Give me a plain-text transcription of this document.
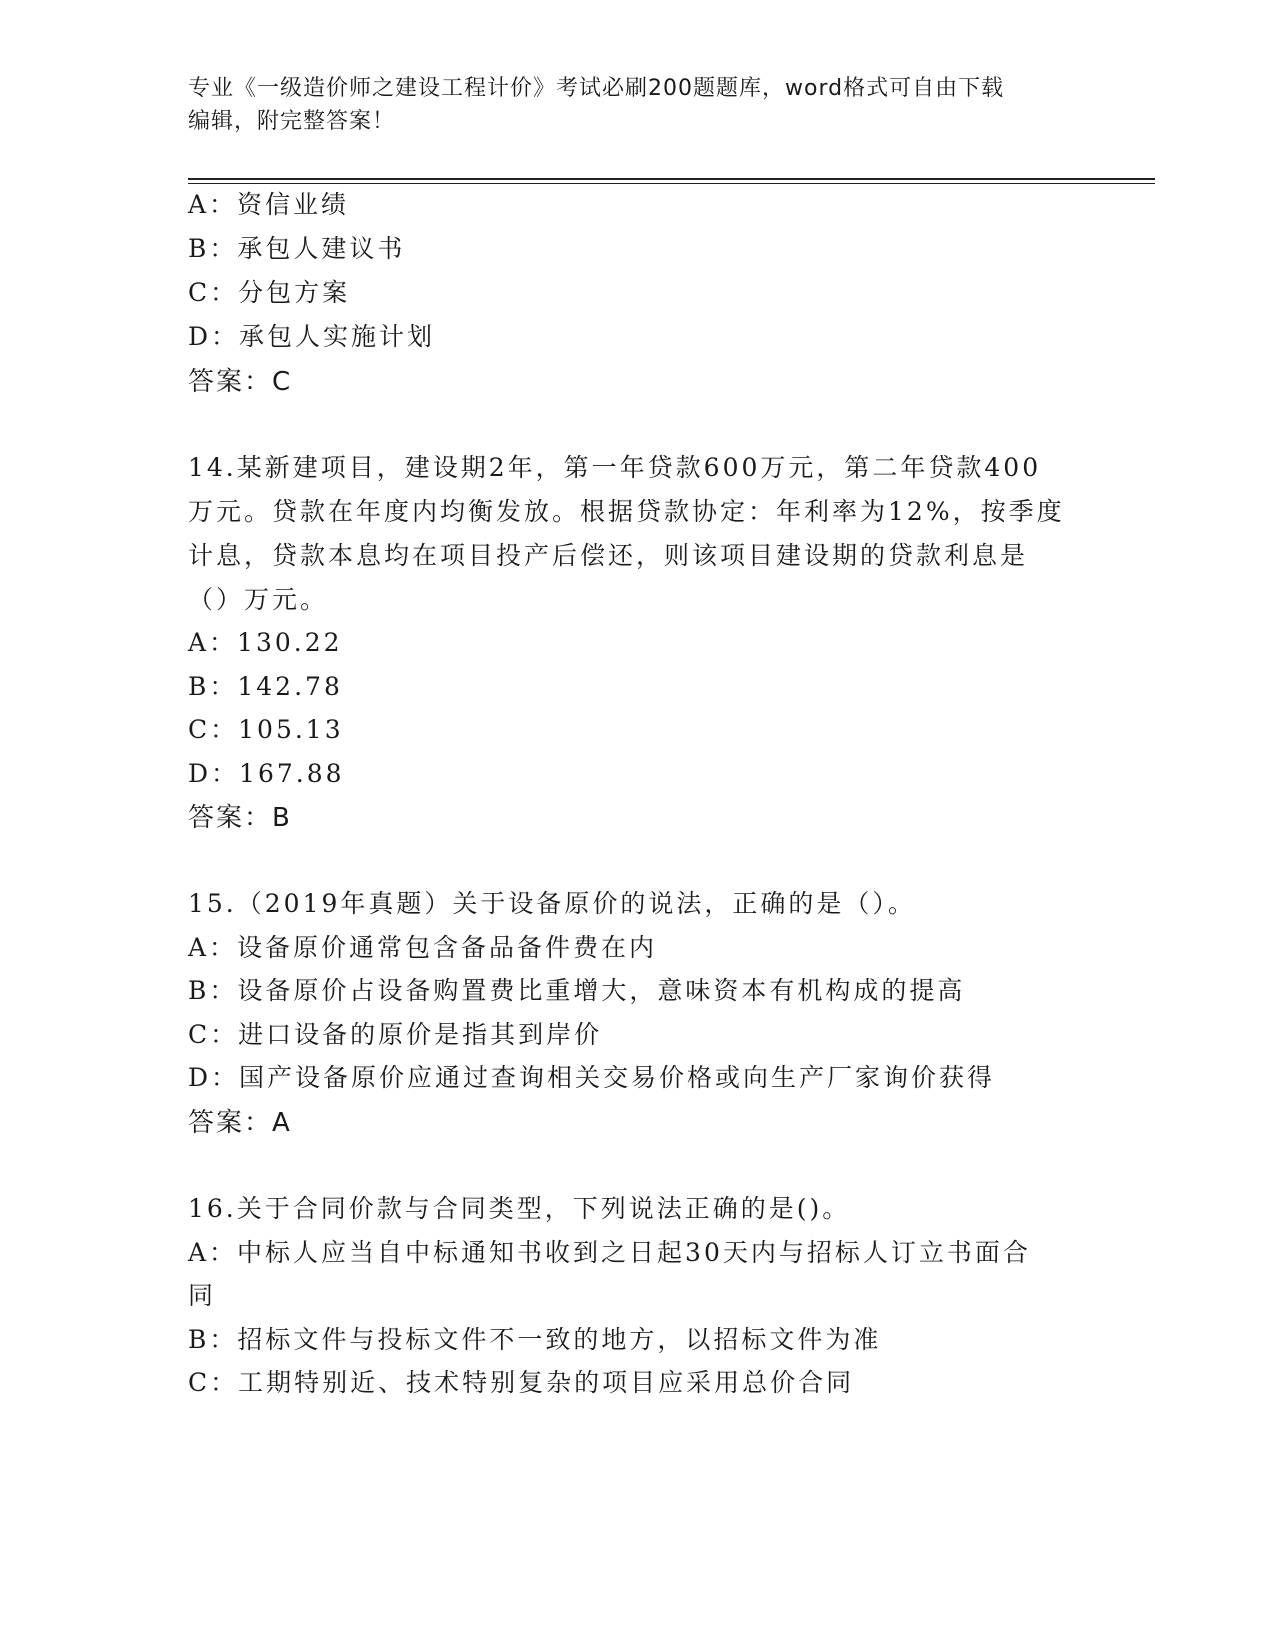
专业《一级造价师之建设工程计价》考试必刷200题题库，word格式可自由下载
编辑，附完整答案！
A：资信业绩
B：承包人建议书
C：分包方案
D：承包人实施计划
答案：C
14.某新建项目，建设期2年，第一年贷款600万元，第二年贷款400
万元。贷款在年度内均衡发放。根据贷款协定：年利率为12%，按季度
计息，贷款本息均在项目投产后偿还，则该项目建设期的贷款利息是
（）万元。
A：130.22
B：142.78
C：105.13
D：167.88
答案：B
15.（2019年真题）关于设备原价的说法，正确的是（）。
A：设备原价通常包含备品备件费在内
B：设备原价占设备购置费比重增大，意味资本有机构成的提高
C：进口设备的原价是指其到岸价
D：国产设备原价应通过查询相关交易价格或向生产厂家询价获得
答案：A
16.关于合同价款与合同类型，下列说法正确的是()。
A：中标人应当自中标通知书收到之日起30天内与招标人订立书面合
同
B：招标文件与投标文件不一致的地方，以招标文件为准
C：工期特别近、技术特别复杂的项目应采用总价合同
